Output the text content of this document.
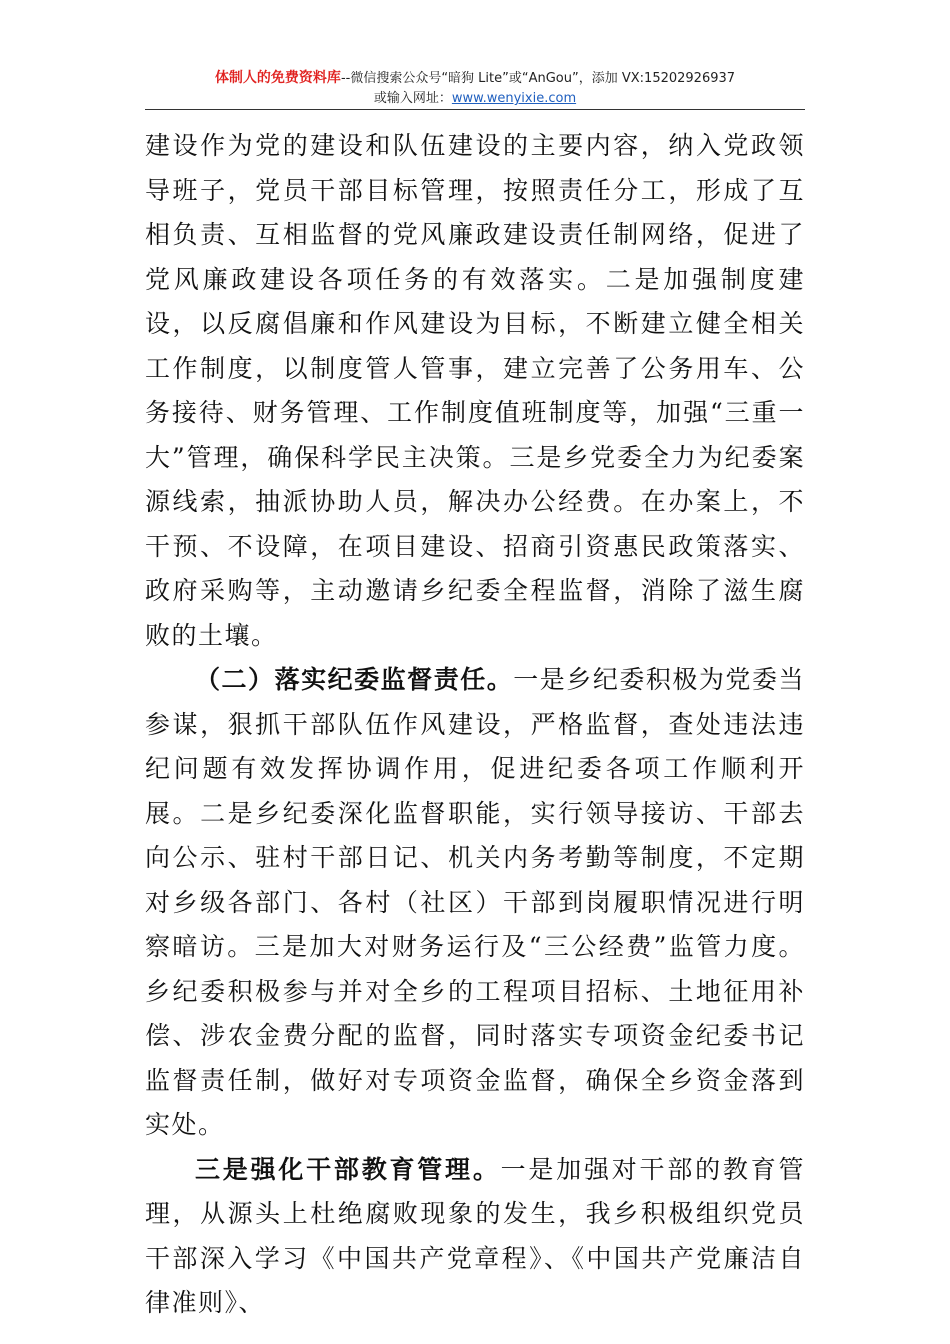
体制人的免费资料库--微信搜索公众号“暗狗 Lite”或“AnGou”，添加 VX:15202926937
或输入网址：www.wenyixie.com

建设作为党的建设和队伍建设的主要内容，纳入党政领导班子，党员干部目标管理，按照责任分工，形成了互相负责、互相监督的党风廉政建设责任制网络，促进了党风廉政建设各项任务的有效落实。二是加强制度建设，以反腐倡廉和作风建设为目标，不断建立健全相关工作制度，以制度管人管事，建立完善了公务用车、公务接待、财务管理、工作制度值班制度等，加强“三重一大”管理，确保科学民主决策。三是乡党委全力为纪委案源线索，抽派协助人员，解决办公经费。在办案上，不干预、不设障，在项目建设、招商引资惠民政策落实、政府采购等，主动邀请乡纪委全程监督，消除了滋生腐败的土壤。

（二）落实纪委监督责任。一是乡纪委积极为党委当参谋，狠抓干部队伍作风建设，严格监督，查处违法违纪问题有效发挥协调作用，促进纪委各项工作顺利开展。二是乡纪委深化监督职能，实行领导接访、干部去向公示、驻村干部日记、机关内务考勤等制度，不定期对乡级各部门、各村（社区）干部到岗履职情况进行明察暗访。三是加大对财务运行及“三公经费”监管力度。乡纪委积极参与并对全乡的工程项目招标、土地征用补偿、涉农金费分配的监督，同时落实专项资金纪委书记监督责任制，做好对专项资金监督，确保全乡资金落到实处。

三是强化干部教育管理。一是加强对干部的教育管理，从源头上杜绝腐败现象的发生，我乡积极组织党员干部深入学习《中国共产党章程》、《中国共产党廉洁自律准则》、
